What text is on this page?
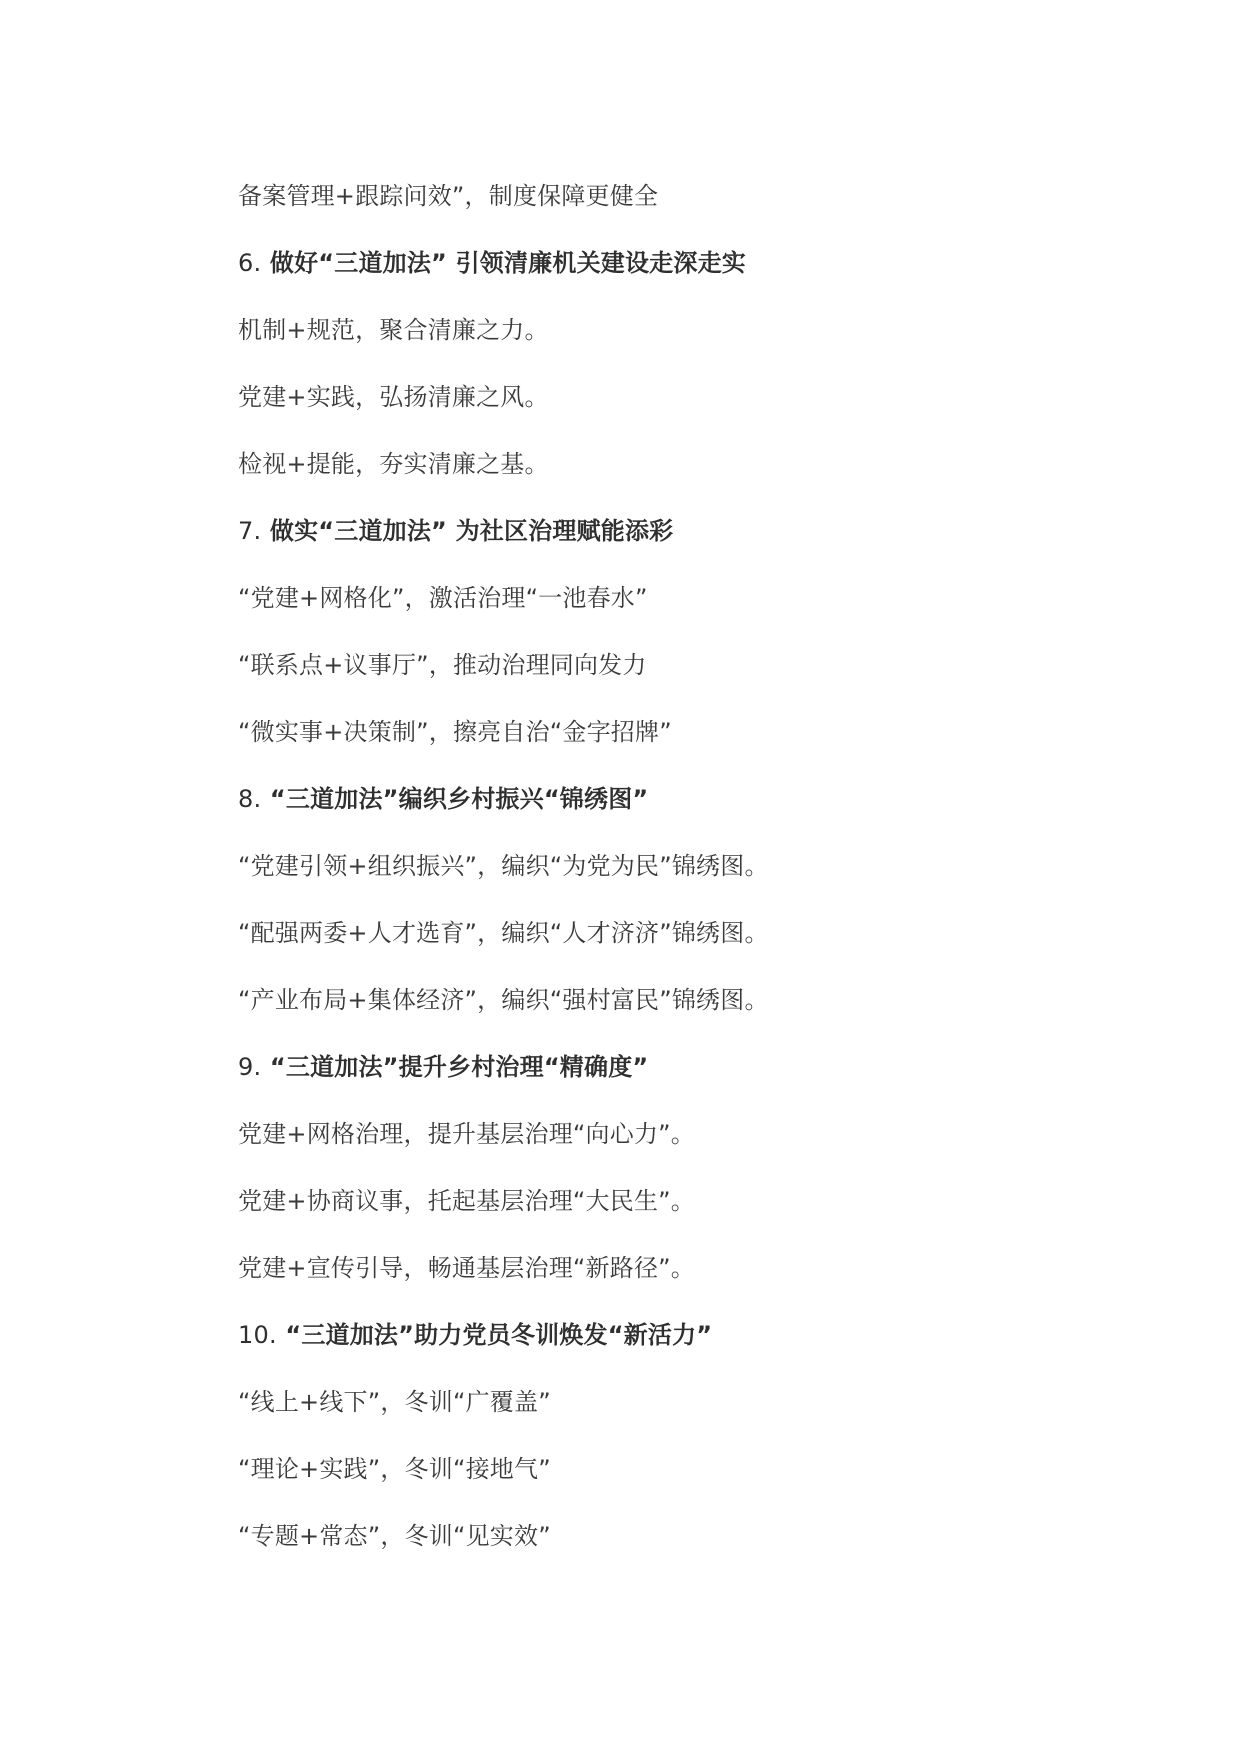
备案管理+跟踪问效”，制度保障更健全
6. 做好“三道加法” 引领清廉机关建设走深走实
机制+规范，聚合清廉之力。
党建+实践，弘扬清廉之风。
检视+提能，夯实清廉之基。
7. 做实“三道加法” 为社区治理赋能添彩
“党建+网格化”，激活治理“一池春水”
“联系点+议事厅”，推动治理同向发力
“微实事+决策制”，擦亮自治“金字招牌”
8. “三道加法”编织乡村振兴“锦绣图”
“党建引领+组织振兴”，编织“为党为民”锦绣图。
“配强两委+人才选育”，编织“人才济济”锦绣图。
“产业布局+集体经济”，编织“强村富民”锦绣图。
9. “三道加法”提升乡村治理“精确度”
党建+网格治理，提升基层治理“向心力”。
党建+协商议事，托起基层治理“大民生”。
党建+宣传引导，畅通基层治理“新路径”。
10. “三道加法”助力党员冬训焕发“新活力”
“线上+线下”，冬训“广覆盖”
“理论+实践”，冬训“接地气”
“专题+常态”，冬训“见实效”
